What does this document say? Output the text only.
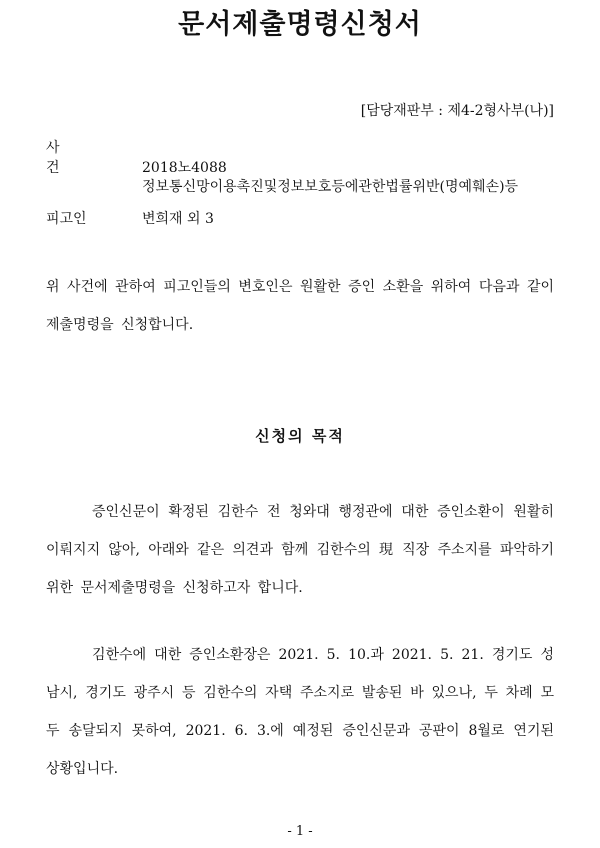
문서제출명령신청서
[담당재판부 : 제4-2형사부(나)]
사 건	2018노4088
정보통신망이용촉진및정보보호등에관한법률위반(명예훼손)등
피고인	변희재 외 3
위 사건에 관하여 피고인들의 변호인은 원활한 증인 소환을 위하여 다음과 같이 제출명령을 신청합니다.
신청의 목적
증인신문이 확정된 김한수 전 청와대 행정관에 대한 증인소환이 원활히 이뤄지지 않아, 아래와 같은 의견과 함께 김한수의 現 직장 주소지를 파악하기 위한 문서제출명령을 신청하고자 합니다.
김한수에 대한 증인소환장은 2021. 5. 10.과 2021. 5. 21. 경기도 성남시, 경기도 광주시 등 김한수의 자택 주소지로 발송된 바 있으나, 두 차례 모두 송달되지 못하여, 2021. 6. 3.에 예정된 증인신문과 공판이 8월로 연기된 상황입니다.
- 1 -
